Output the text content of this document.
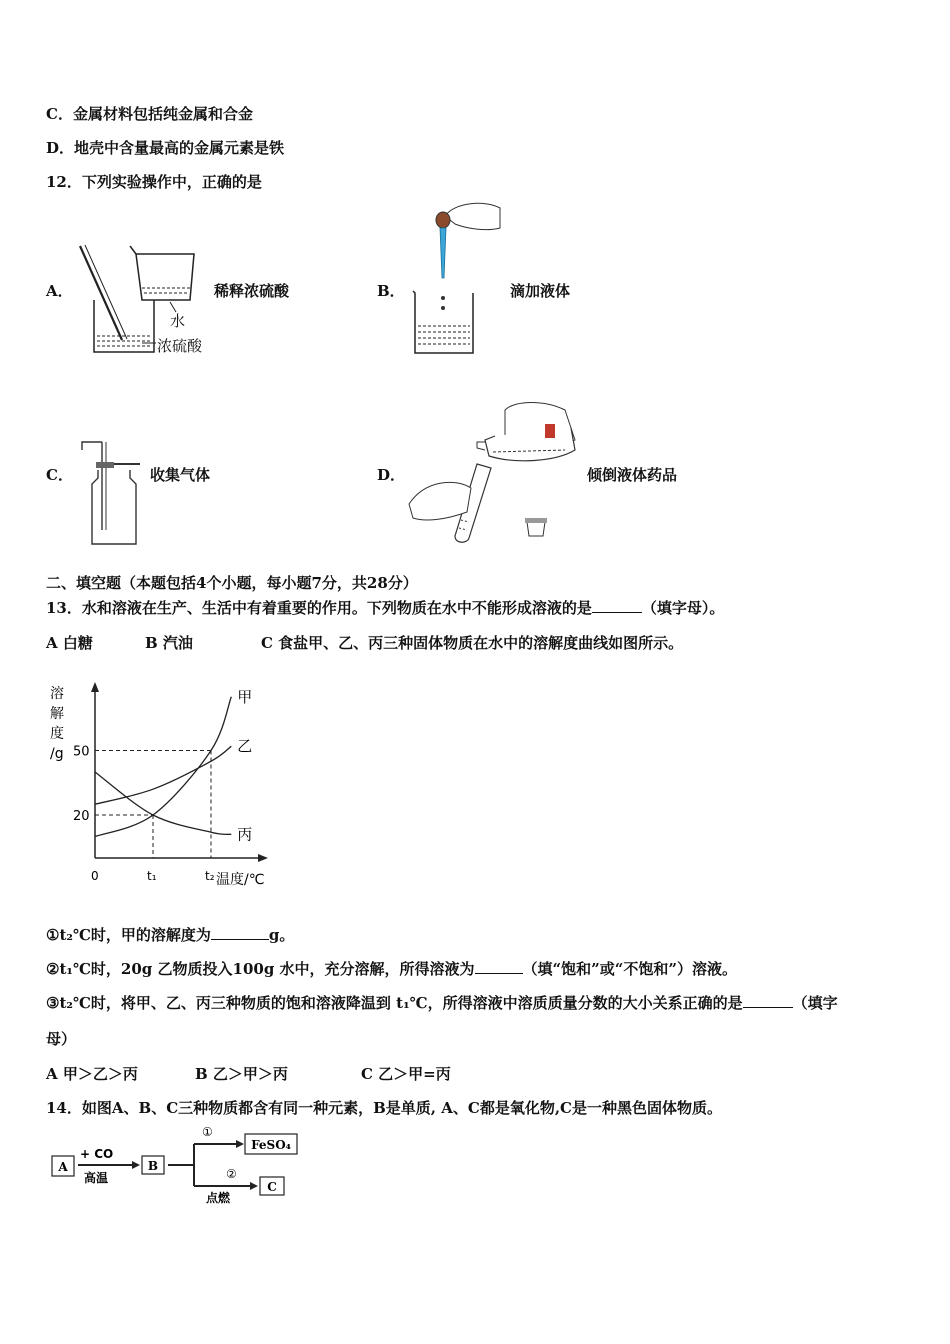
C．金属材料包括纯金属和合金
D．地壳中含量最高的金属元素是铁
12．下列实验操作中，正确的是
A．
水
浓硫酸
稀释浓硫酸	B．	滴加液体
C．	收集气体	D．	倾倒液体药品
二、填空题（本题包括4个小题，每小题7分，共28分）
13．水和溶液在生产、生活中有着重要的作用。下列物质在水中不能形成溶液的是	（填字母）。
A 白糖	B 汽油	C 食盐甲、乙、丙三种固体物质在水中的溶解度曲线如图所示。
溶
解
度
/g
温度/℃
20
50
0	t₁	t₂
甲
乙
丙
①t₂℃时，甲的溶解度为	g。
②t₁℃时，20g 乙物质投入100g 水中，充分溶解，所得溶液为	（填“饱和”或“不饱和”）溶液。
③t₂℃时，将甲、乙、丙三种物质的饱和溶液降温到 t₁℃，所得溶液中溶质质量分数的大小关系正确的是	（填字
母）
A 甲＞乙＞丙	B 乙＞甲＞丙	C 乙＞甲=丙
14．如图A、B、C三种物质都含有同一种元素，B是单质, A、C都是氧化物,C是一种黑色固体物质。
A
+ CO
高温
B
①
FeSO₄
②
点燃
C
